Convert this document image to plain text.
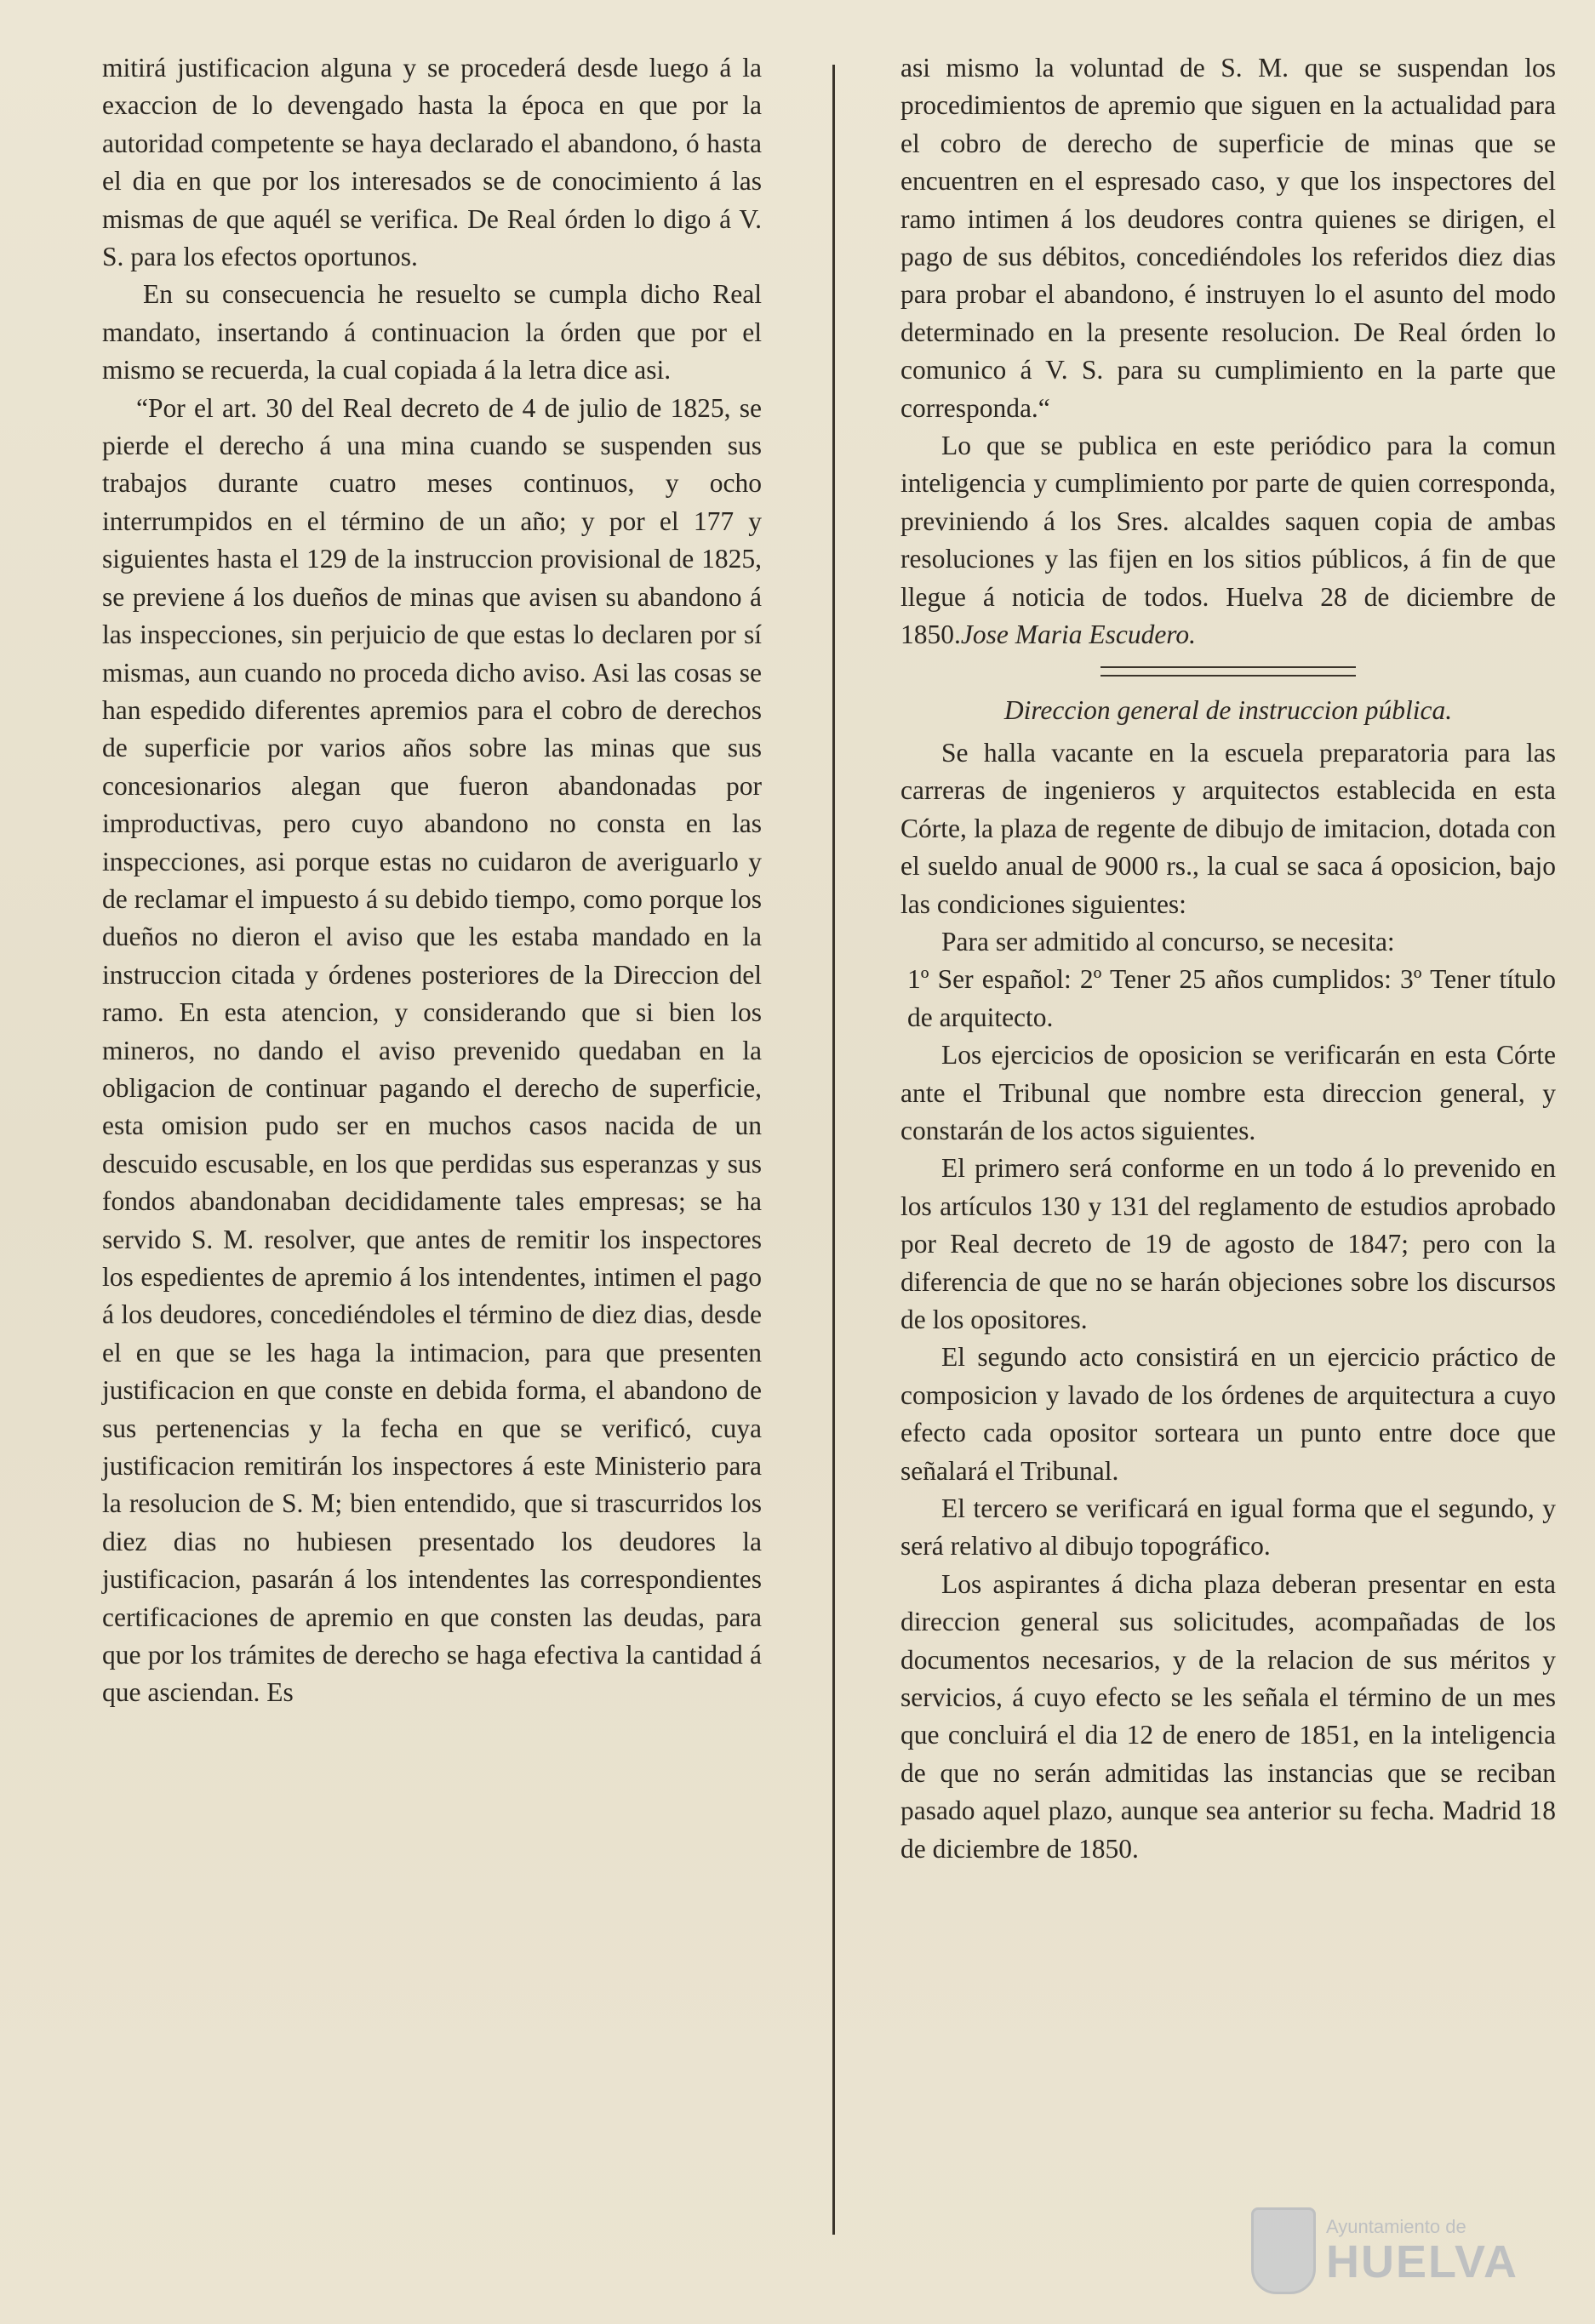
mitirá justificacion alguna y se procederá desde luego á la exaccion de lo devengado hasta la época en que por la autoridad competente se haya declarado el abandono, ó hasta el dia en que por los interesados se de conocimiento á las mismas de que aquél se verifica. De Real órden lo digo á V. S. para los efectos oportunos.

En su consecuencia he resuelto se cumpla dicho Real mandato, insertando á continuacion la órden que por el mismo se recuerda, la cual copiada á la letra dice asi.

“Por el art. 30 del Real decreto de 4 de julio de 1825, se pierde el derecho á una mina cuando se suspenden sus trabajos durante cuatro meses continuos, y ocho interrumpidos en el término de un año; y por el 177 y siguientes hasta el 129 de la instruccion provisional de 1825, se previene á los dueños de minas que avisen su abandono á las inspecciones, sin perjuicio de que estas lo declaren por sí mismas, aun cuando no proceda dicho aviso. Asi las cosas se han espedido diferentes apremios para el cobro de derechos de superficie por varios años sobre las minas que sus concesionarios alegan que fueron abandonadas por improductivas, pero cuyo abandono no consta en las inspecciones, asi porque estas no cuidaron de averiguarlo y de reclamar el impuesto á su debido tiempo, como porque los dueños no dieron el aviso que les estaba mandado en la instruccion citada y órdenes posteriores de la Direccion del ramo. En esta atencion, y considerando que si bien los mineros, no dando el aviso prevenido quedaban en la obligacion de continuar pagando el derecho de superficie, esta omision pudo ser en muchos casos nacida de un descuido escusable, en los que perdidas sus esperanzas y sus fondos abandonaban decididamente tales empresas; se ha servido S. M. resolver, que antes de remitir los inspectores los espedientes de apremio á los intendentes, intimen el pago á los deudores, concediéndoles el término de diez dias, desde el en que se les haga la intimacion, para que presenten justificacion en que conste en debida forma, el abandono de sus pertenencias y la fecha en que se verificó, cuya justificacion remitirán los inspectores á este Ministerio para la resolucion de S. M; bien entendido, que si trascurridos los diez dias no hubiesen presentado los deudores la justificacion, pasarán á los intendentes las correspondientes certificaciones de apremio en que consten las deudas, para que por los trámites de derecho se haga efectiva la cantidad á que asciendan. Es

asi mismo la voluntad de S. M. que se suspendan los procedimientos de apremio que siguen en la actualidad para el cobro de derecho de superficie de minas que se encuentren en el espresado caso, y que los inspectores del ramo intimen á los deudores contra quienes se dirigen, el pago de sus débitos, concediéndoles los referidos diez dias para probar el abandono, é instruyen lo el asunto del modo determinado en la presente resolucion. De Real órden lo comunico á V. S. para su cumplimiento en la parte que corresponda.“

Lo que se publica en este periódico para la comun inteligencia y cumplimiento por parte de quien corresponda, previniendo á los Sres. alcaldes saquen copia de ambas resoluciones y las fijen en los sitios públicos, á fin de que llegue á noticia de todos. Huelva 28 de diciembre de 1850.Jose Maria Escudero.

Direccion general de instruccion pública.

Se halla vacante en la escuela preparatoria para las carreras de ingenieros y arquitectos establecida en esta Córte, la plaza de regente de dibujo de imitacion, dotada con el sueldo anual de 9000 rs., la cual se saca á oposicion, bajo las condiciones siguientes:

Para ser admitido al concurso, se necesita:

1º Ser español: 2º Tener 25 años cumplidos: 3º Tener título de arquitecto.

Los ejercicios de oposicion se verificarán en esta Córte ante el Tribunal que nombre esta direccion general, y constarán de los actos siguientes.

El primero será conforme en un todo á lo prevenido en los artículos 130 y 131 del reglamento de estudios aprobado por Real decreto de 19 de agosto de 1847; pero con la diferencia de que no se harán objeciones sobre los discursos de los opositores.

El segundo acto consistirá en un ejercicio práctico de composicion y lavado de los órdenes de arquitectura a cuyo efecto cada opositor sorteara un punto entre doce que señalará el Tribunal.

El tercero se verificará en igual forma que el segundo, y será relativo al dibujo topográfico.

Los aspirantes á dicha plaza deberan presentar en esta direccion general sus solicitudes, acompañadas de los documentos necesarios, y de la relacion de sus méritos y servicios, á cuyo efecto se les señala el término de un mes que concluirá el dia 12 de enero de 1851, en la inteligencia de que no serán admitidas las instancias que se reciban pasado aquel plazo, aunque sea anterior su fecha. Madrid 18 de diciembre de 1850.

Ayuntamiento de
HUELVA
